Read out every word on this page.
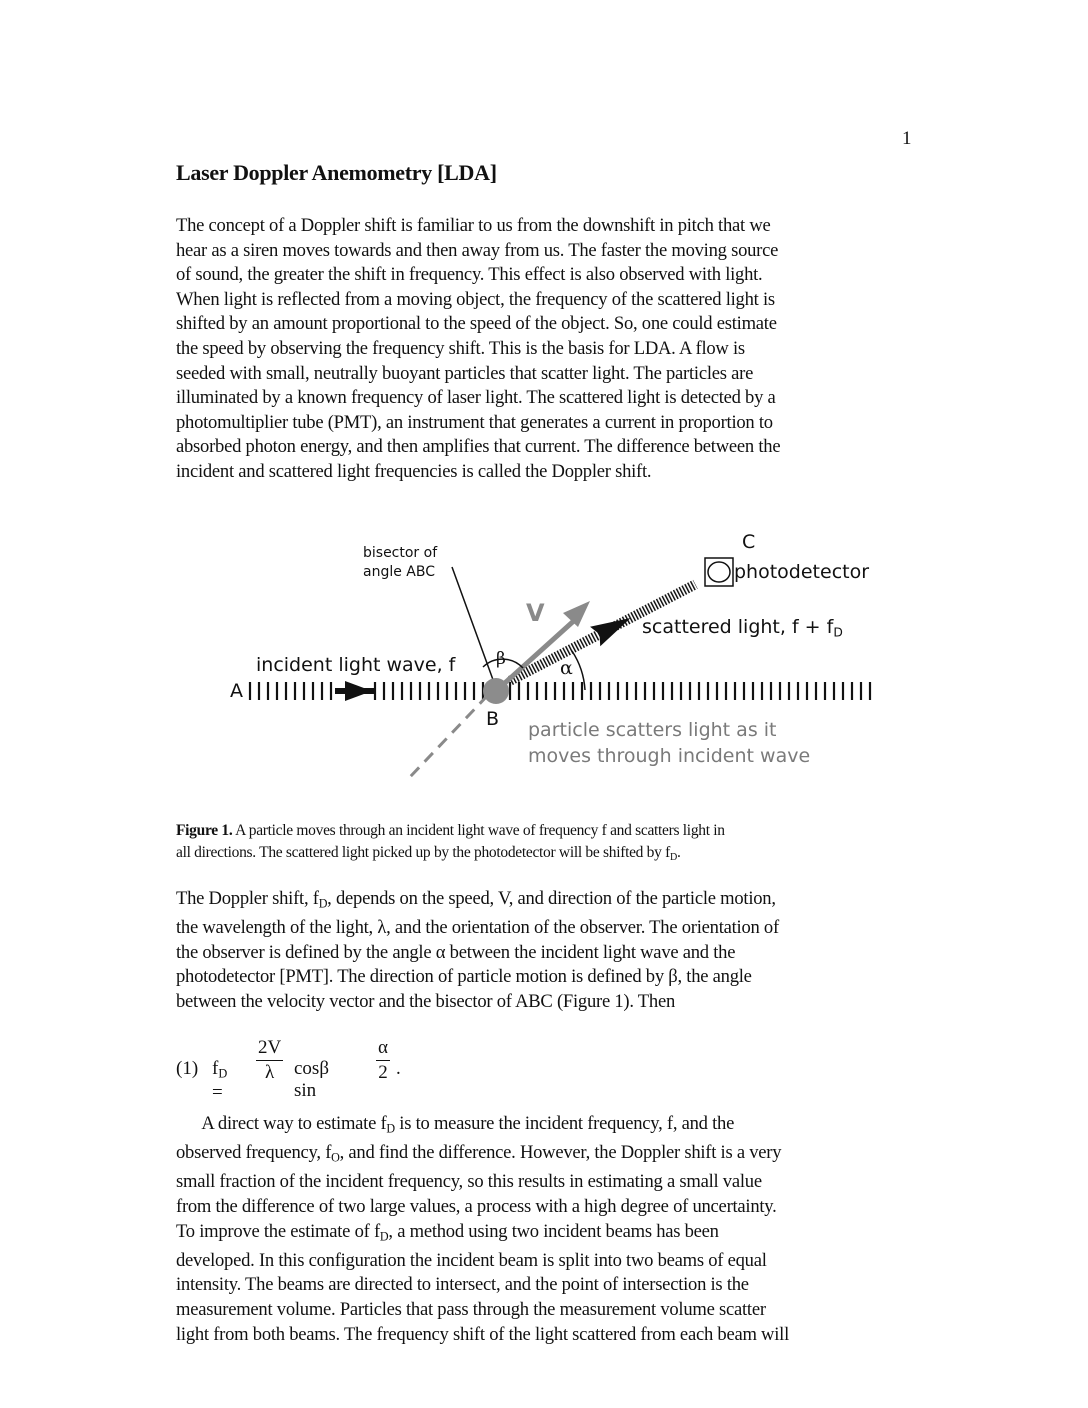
1
Laser Doppler Anemometry [LDA]
The concept of a Doppler shift is familiar to us from the downshift in pitch that we
hear as a siren moves towards and then away from us. The faster the moving source
of sound, the greater the shift in frequency. This effect is also observed with light.
When light is reflected from a moving object, the frequency of the scattered light is
shifted by an amount proportional to the speed of the object. So, one could estimate
the speed by observing the frequency shift. This is the basis for LDA. A flow is
seeded with small, neutrally buoyant particles that scatter light. The particles are
illuminated by a known frequency of laser light. The scattered light is detected by a
photomultiplier tube (PMT), an instrument that generates a current in proportion to
absorbed photon energy, and then amplifies that current. The difference between the
incident and scattered light frequencies is called the Doppler shift.
bisector of
angle ABC
C
photodetector
V	scattered light, $f + f_D$
incident light wave, f β	α
A
B particle scatters light as it
moves through incident wave
Figure 1. A particle moves through an incident light wave of frequency f and scatters light in
all directions. The scattered light picked up by the photodetector will be shifted by $f_D$.
The Doppler shift, $f_D$, depends on the speed, V, and direction of the particle motion,
the wavelength of the light, λ, and the orientation of the observer. The orientation of
the observer is defined by the angle α between the incident light wave and the
photodetector [PMT]. The direction of particle motion is defined by β, the angle
between the velocity vector and the bisector of ABC (Figure 1). Then
(1) $f_D$ =
$\frac{2V}{\lambda}$ cosβ sin
$\frac{\alpha}{2}$ .
A direct way to estimate $f_D$ is to measure the incident frequency, f, and the
observed frequency, $f_O$, and find the difference. However, the Doppler shift is a very
small fraction of the incident frequency, so this results in estimating a small value
from the difference of two large values, a process with a high degree of uncertainty.
To improve the estimate of $f_D$, a method using two incident beams has been
developed. In this configuration the incident beam is split into two beams of equal
intensity. The beams are directed to intersect, and the point of intersection is the
measurement volume. Particles that pass through the measurement volume scatter
light from both beams. The frequency shift of the light scattered from each beam will
